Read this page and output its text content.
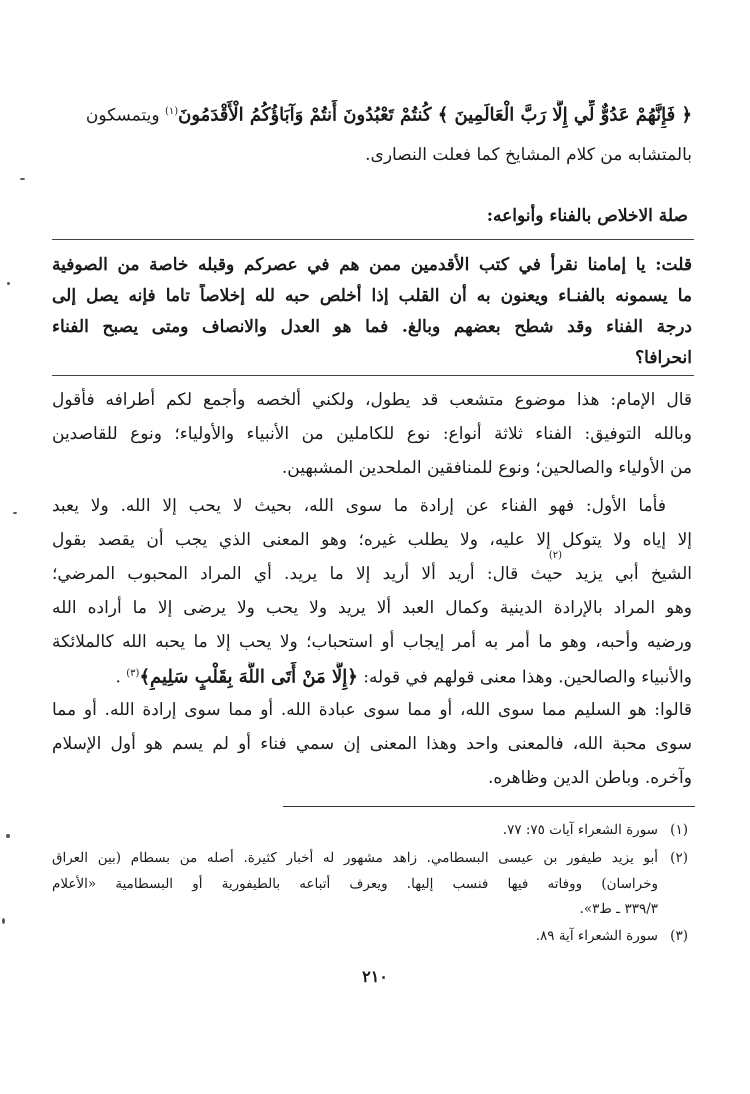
﴿ فَإِنَّهُمْ عَدُوٌّ لِّي إِلَّا رَبَّ الْعَالَمِينَ ﴾ كُنتُمْ تَعْبُدُونَ أَنتُمْ وَآبَاؤُكُمُ الْأَقْدَمُونَ$^{(١)}$ ويتمسكون
بالمتشابه من كلام المشايخ كما فعلت النصارى.
صلة الاخلاص بالفناء وأنواعه:
قلت: يا إمامنا نقرأ في كتب الأقدمين ممن هم في عصركم وقبله خاصة من الصوفية
ما يسمونه بالفنـاء ويعنون به أن القلب إذا أخلص حبه لله إخلاصاً تاما فإنه يصل إلى
درجة الفناء وقد شطح بعضهم وبالغ. فما هو العدل والانصاف ومتى يصبح الفناء
انحرافا؟
قال الإمام: هذا موضوع متشعب قد يطول، ولكني ألخصه وأجمع لكم أطرافه فأقول
وبالله التوفيق: الفناء ثلاثة أنواع: نوع للكاملين من الأنبياء والأولياء؛ ونوع للقاصدين
من الأولياء والصالحين؛ ونوع للمنافقين الملحدين المشبهين.
فأما الأول: فهو الفناء عن إرادة ما سوى الله، بحيث لا يحب إلا الله. ولا يعبد
إلا إياه ولا يتوكل إلا عليه، ولا يطلب غيره؛ وهو المعنى الذي يجب أن يقصد بقول
الشيخ أبي يزيد حيث قال: أريد ألا أريد إلا ما يريد. أي المراد المحبوب المرضي؛
(٢)
وهو المراد بالإرادة الدينية وكمال العبد ألا يريد ولا يحب ولا يرضى إلا ما أراده الله
ورضيه وأحبه، وهو ما أمر به أمر إيجاب أو استحباب؛ ولا يحب إلا ما يحبه الله كالملائكة
والأنبياء والصالحين. وهذا معنى قولهم في قوله: ﴿إِلَّا مَنْ أَتَى اللَّهَ بِقَلْبٍ سَلِيمٍ﴾$^{(٣)}$ .
قالوا: هو السليم مما سوى الله، أو مما سوى عبادة الله. أو مما سوى إرادة الله. أو مما
سوى محبة الله، فالمعنى واحد وهذا المعنى إن سمي فناء أو لم يسم هو أول الإسلام
وآخره. وباطن الدين وظاهره.
(١)
سورة الشعراء آيات ٧٥: ٧٧.
(٢)
أبو يزيد طيفور بن عيسى البسطامي. زاهد مشهور له أخبار كثيرة. أصله من بسطام (بين العراق
وخراسان) ووفاته فيها فنسب إليها. ويعرف أتباعه بالطيفورية أو البسطامية «الأعلام
٣٣٩/٣ ـ ط٣».
(٣)
سورة الشعراء آية ٨٩.
٢١٠
